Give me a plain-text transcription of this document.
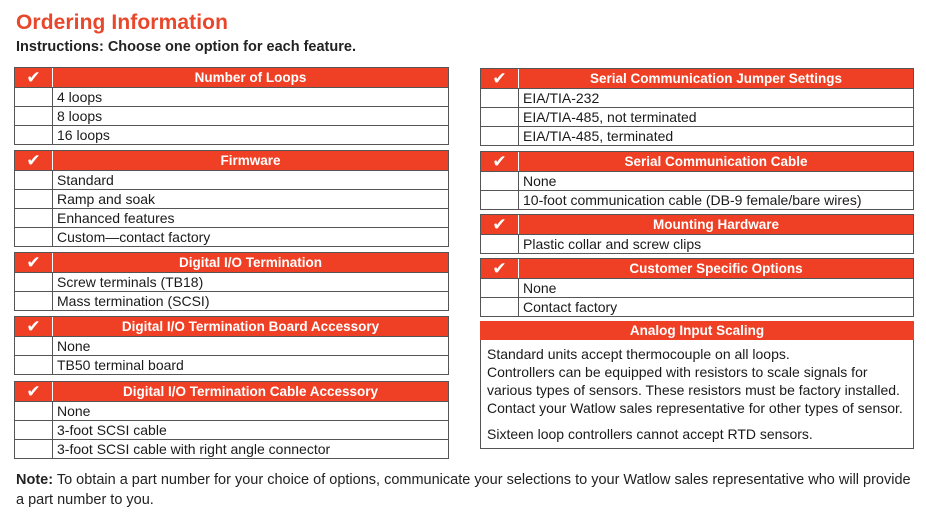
Ordering Information
Instructions: Choose one option for each feature.
✔	Number of Loops
4 loops
8 loops
16 loops
✔	Firmware
Standard
Ramp and soak
Enhanced features
Custom—contact factory
✔	Digital I/O Termination
Screw terminals (TB18)
Mass termination (SCSI)
✔	Digital I/O Termination Board Accessory
None
TB50 terminal board
✔	Digital I/O Termination Cable Accessory
None
3-foot SCSI cable
3-foot SCSI cable with right angle connector
✔	Serial Communication Jumper Settings
EIA/TIA-232
EIA/TIA-485, not terminated
EIA/TIA-485, terminated
✔	Serial Communication Cable
None
10-foot communication cable (DB-9 female/bare wires)
✔	Mounting Hardware
Plastic collar and screw clips
✔	Customer Specific Options
None
Contact factory
Analog Input Scaling

Standard units accept thermocouple on all loops.

Controllers can be equipped with resistors to scale signals for

various types of sensors. These resistors must be factory installed.

Contact your Watlow sales representative for other types of sensor.

Sixteen loop controllers cannot accept RTD sensors.

Note: To obtain a part number for your choice of options, communicate your selections to your Watlow sales representative who will provide a part number to you.
